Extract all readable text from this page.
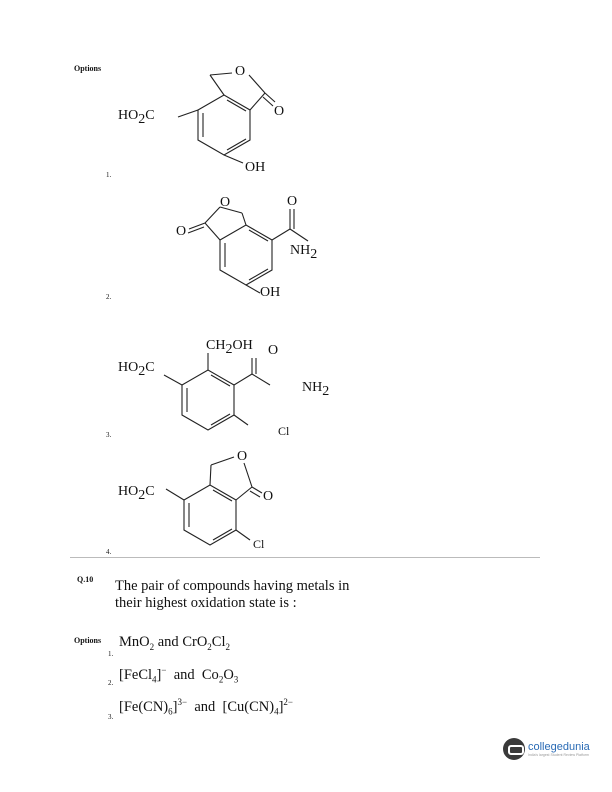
Options	O
O
HO2C
OH
1.
O
O
O
NH2
OH
2.
CH2OH O
HO2C
NH2
Cl
3.
O
O
HO2C
Cl
4.
Q.10 The pair of compounds having metals in
their highest oxidation state is :
Options MnO$_2$ and $CrO_2Cl_2$
1.
[FeCl$_4$]−  and  $Co_2O_3$
2.
$[Fe(CN)_6]^{3-}$  and  $[Cu(CN)_4]^{2-}$
3.
collegedunia
India's largest Student Review Platform
